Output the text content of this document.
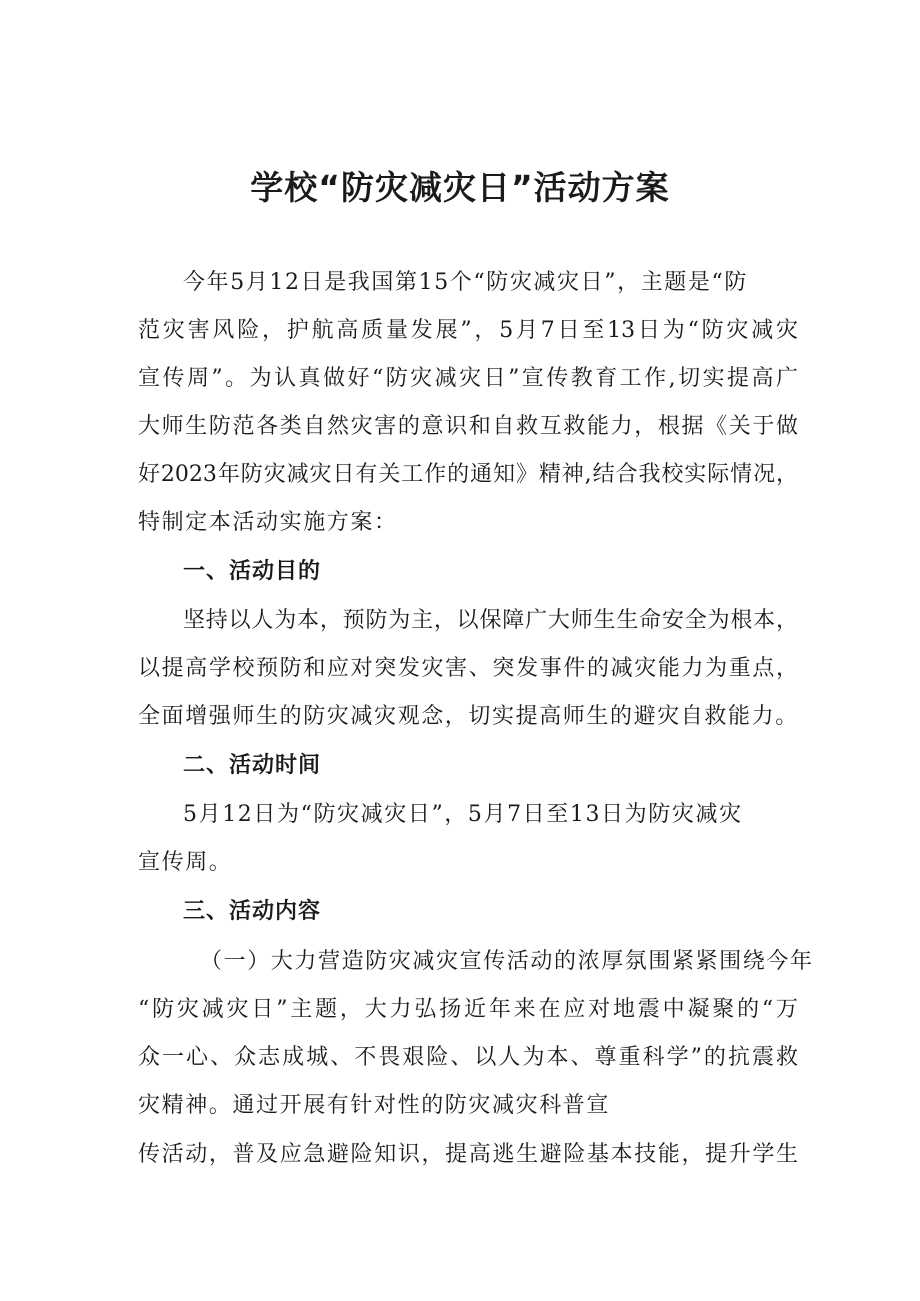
学校“防灾减灾日”活动方案

今年5月12日是我国第15个“防灾减灾日”，主题是“防

范灾害风险，护航高质量发展”，5月7日至13日为“防灾减灾

宣传周”。为认真做好“防灾减灾日”宣传教育工作,切实提高广

大师生防范各类自然灾害的意识和自救互救能力，根据《关于做

好2023年防灾减灾日有关工作的通知》精神,结合我校实际情况，

特制定本活动实施方案：

一、活动目的

坚持以人为本，预防为主，以保障广大师生生命安全为根本，

以提高学校预防和应对突发灾害、突发事件的减灾能力为重点，

全面增强师生的防灾减灾观念，切实提高师生的避灾自救能力。

二、活动时间

5月12日为“防灾减灾日”，5月7日至13日为防灾减灾

宣传周。

三、活动内容

（一）大力营造防灾减灾宣传活动的浓厚氛围紧紧围绕今年

“防灾减灾日”主题，大力弘扬近年来在应对地震中凝聚的“万

众一心、众志成城、不畏艰险、以人为本、尊重科学”的抗震救

灾精神。通过开展有针对性的防灾减灾科普宣

传活动，普及应急避险知识，提高逃生避险基本技能，提升学生
